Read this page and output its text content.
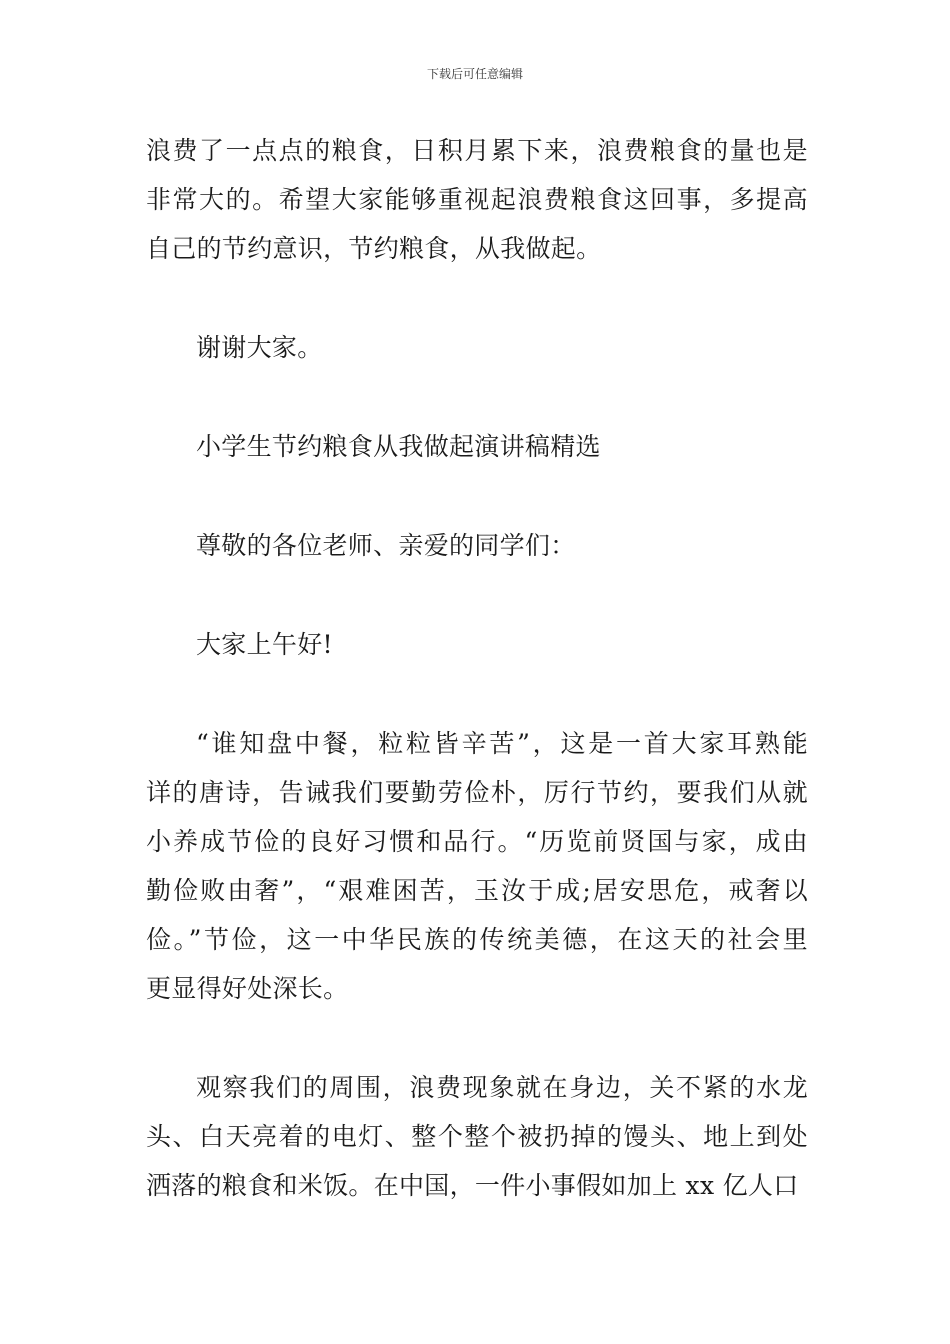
下载后可任意编辑
浪费了一点点的粮食，日积月累下来，浪费粮食的量也是
非常大的。希望大家能够重视起浪费粮食这回事，多提高
自己的节约意识，节约粮食，从我做起。
谢谢大家。
小学生节约粮食从我做起演讲稿精选
尊敬的各位老师、亲爱的同学们：
大家上午好!
“谁知盘中餐，粒粒皆辛苦”，这是一首大家耳熟能
详的唐诗，告诫我们要勤劳俭朴，厉行节约，要我们从就
小养成节俭的良好习惯和品行。“历览前贤国与家，成由
勤俭败由奢”，“艰难困苦，玉汝于成;居安思危，戒奢以
俭。”节俭，这一中华民族的传统美德，在这天的社会里
更显得好处深长。
观察我们的周围，浪费现象就在身边，关不紧的水龙
头、白天亮着的电灯、整个整个被扔掉的馒头、地上到处
洒落的粮食和米饭。在中国，一件小事假如加上 xx 亿人口
